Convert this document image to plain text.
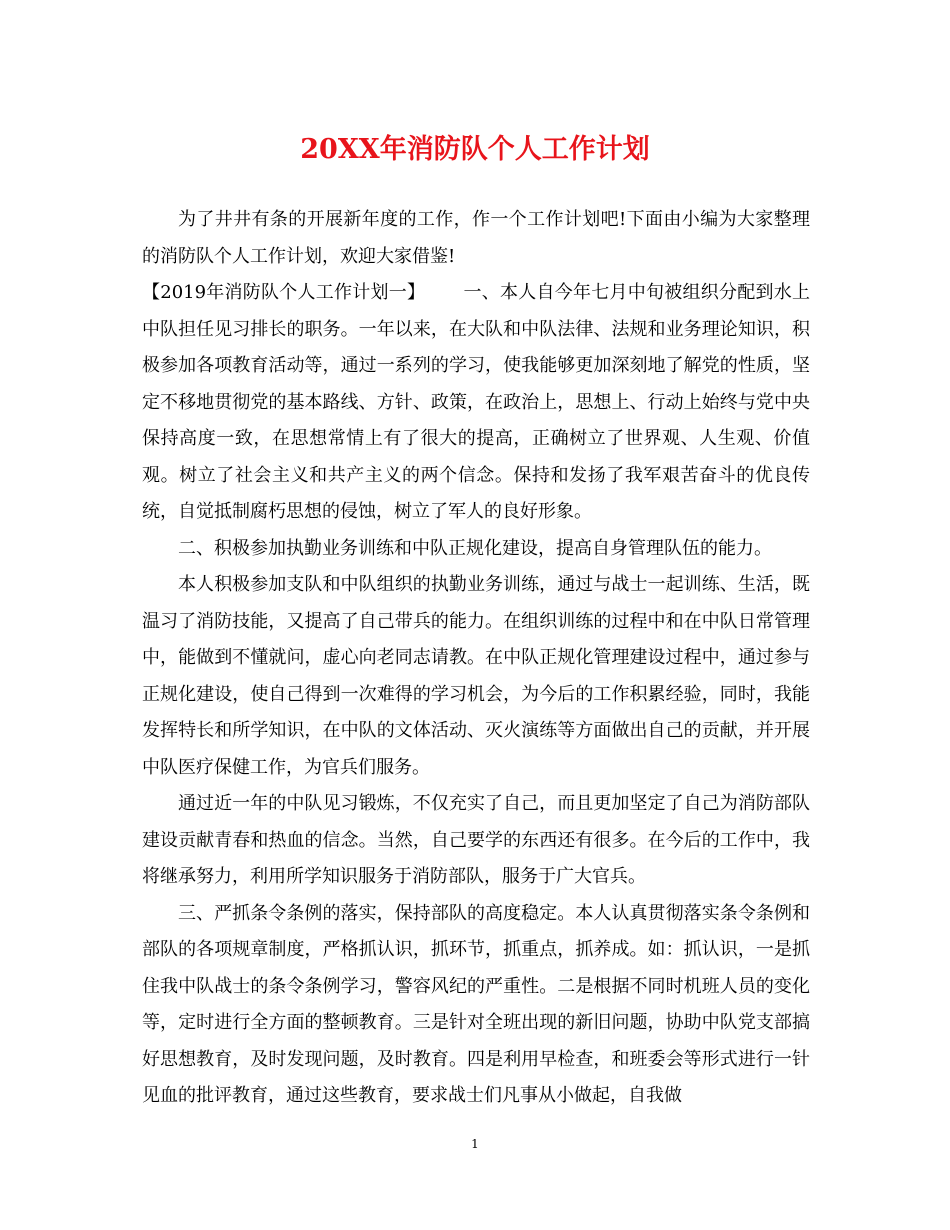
20XX年消防队个人工作计划

为了井井有条的开展新年度的工作，作一个工作计划吧!下面由小编为大家整理的消防队个人工作计划，欢迎大家借鉴!

【2019年消防队个人工作计划一】 一、本人自今年七月中旬被组织分配到水上中队担任见习排长的职务。一年以来，在大队和中队法律、法规和业务理论知识，积极参加各项教育活动等，通过一系列的学习，使我能够更加深刻地了解党的性质，坚定不移地贯彻党的基本路线、方针、政策，在政治上，思想上、行动上始终与党中央保持高度一致，在思想常情上有了很大的提高，正确树立了世界观、人生观、价值观。树立了社会主义和共产主义的两个信念。保持和发扬了我军艰苦奋斗的优良传统，自觉抵制腐朽思想的侵蚀，树立了军人的良好形象。

二、积极参加执勤业务训练和中队正规化建设，提高自身管理队伍的能力。

本人积极参加支队和中队组织的执勤业务训练，通过与战士一起训练、生活，既温习了消防技能，又提高了自己带兵的能力。在组织训练的过程中和在中队日常管理中，能做到不懂就问，虚心向老同志请教。在中队正规化管理建设过程中，通过参与正规化建设，使自己得到一次难得的学习机会，为今后的工作积累经验，同时，我能发挥特长和所学知识，在中队的文体活动、灭火演练等方面做出自己的贡献，并开展中队医疗保健工作，为官兵们服务。

通过近一年的中队见习锻炼，不仅充实了自己，而且更加坚定了自己为消防部队建设贡献青春和热血的信念。当然，自己要学的东西还有很多。在今后的工作中，我将继承努力，利用所学知识服务于消防部队，服务于广大官兵。

三、严抓条令条例的落实，保持部队的高度稳定。本人认真贯彻落实条令条例和部队的各项规章制度，严格抓认识，抓环节，抓重点，抓养成。如：抓认识，一是抓住我中队战士的条令条例学习，警容风纪的严重性。二是根据不同时机班人员的变化等，定时进行全方面的整顿教育。三是针对全班出现的新旧问题，协助中队党支部搞好思想教育，及时发现问题，及时教育。四是利用早检查，和班委会等形式进行一针见血的批评教育，通过这些教育，要求战士们凡事从小做起，自我做

1
